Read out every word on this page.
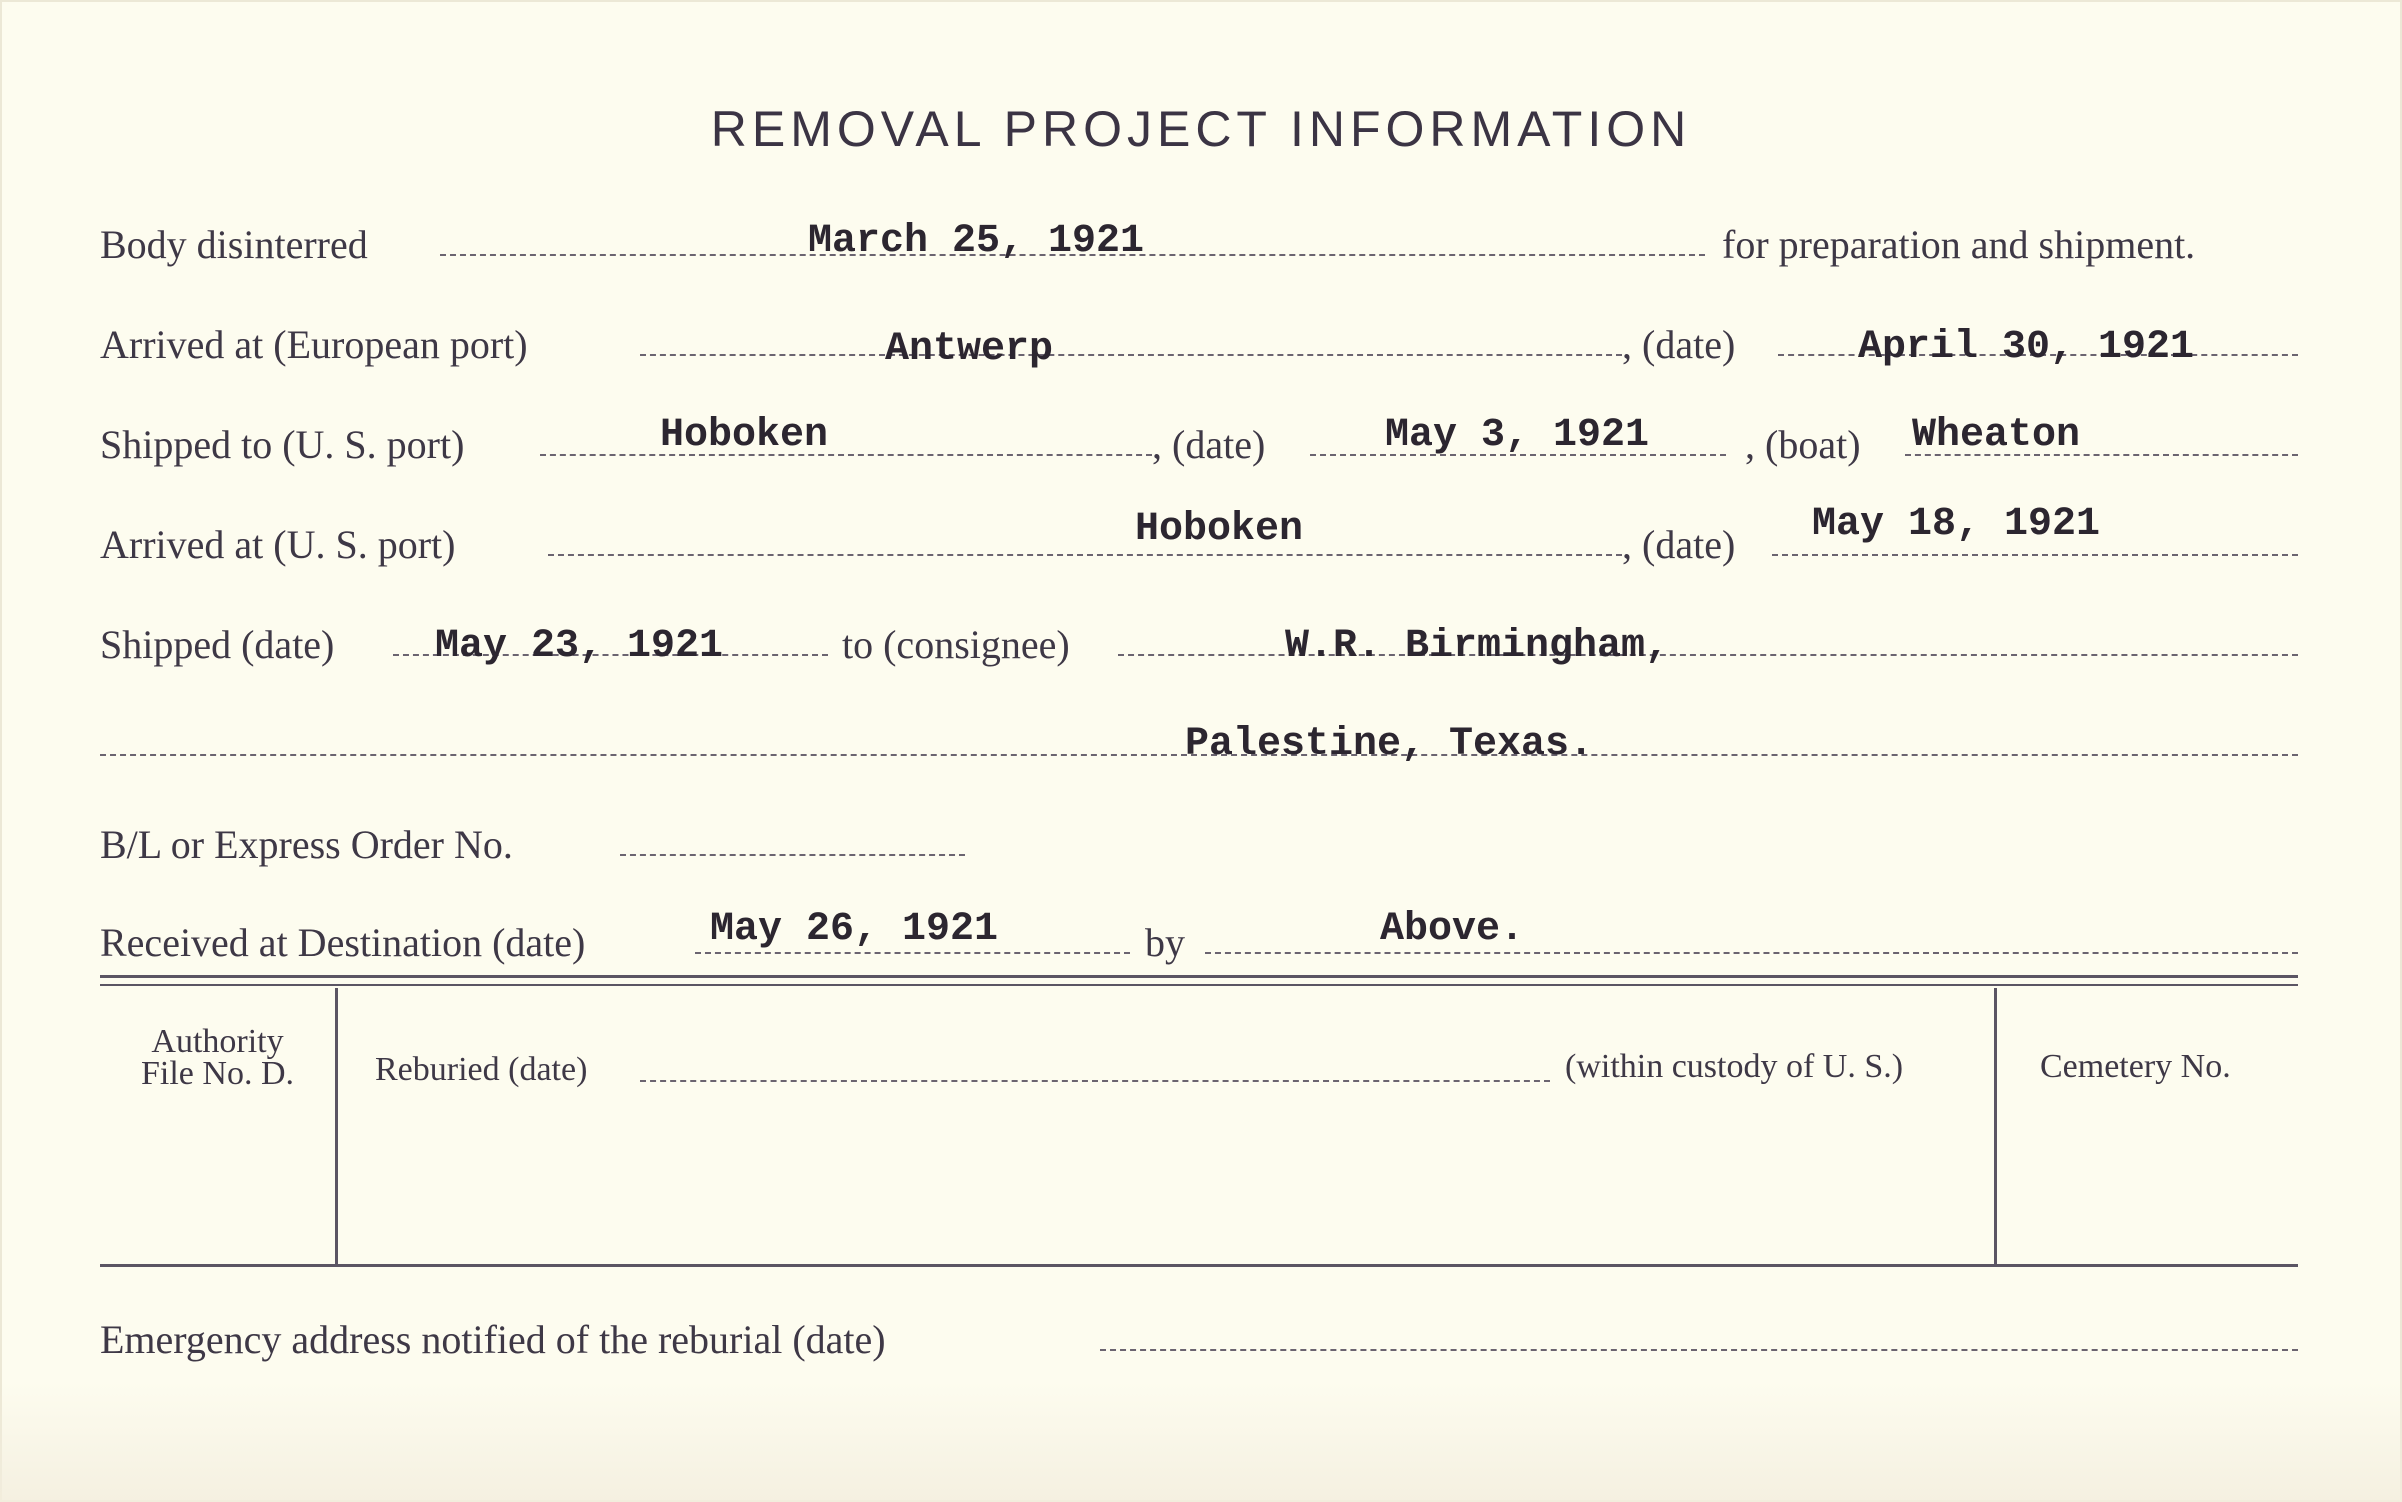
REMOVAL PROJECT INFORMATION
Body disinterred	March 25, 1921	for preparation and shipment.
Arrived at (European port)	Antwerp	, (date)	April 30, 1921
Shipped to (U. S. port)	Hoboken	, (date)	May 3, 1921 , (boat) Wheaton
Arrived at (U. S. port)	Hoboken	, (date) May 18, 1921
Shipped (date)	May 23, 1921	to (consignee)	W.R. Birmingham,
Palestine, Texas.
B/L or Express Order No.
Received at Destination (date)	May 26, 1921	by	Above.
Authority
File No. D.	Reburied (date)	(within custody of U. S.)	Cemetery No.
Emergency address notified of the reburial (date)
